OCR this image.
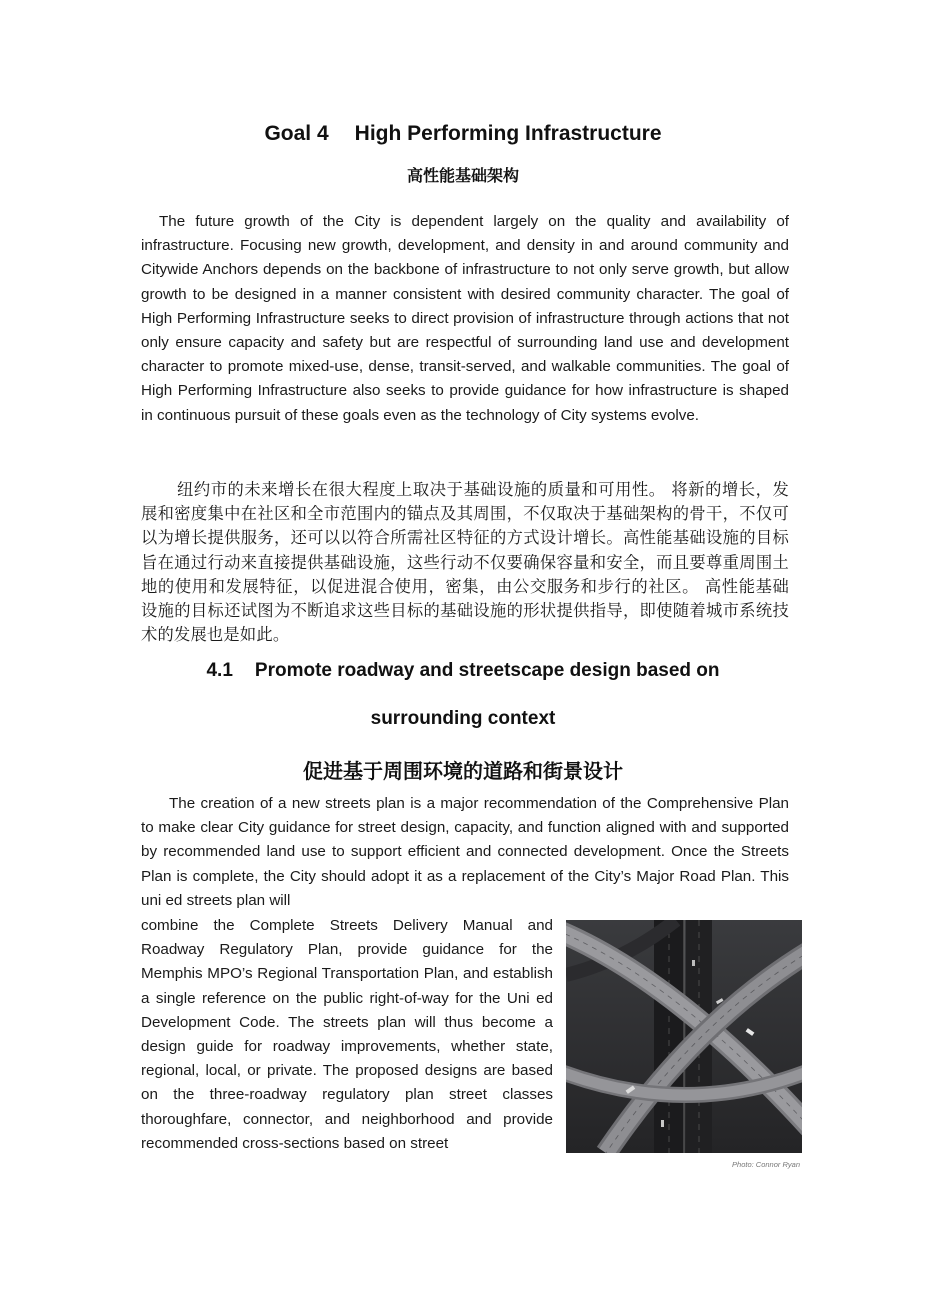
Goal 4 High Performing Infrastructure
高性能基础架构

The future growth of the City is dependent largely on the quality and availability of infrastructure. Focusing new growth, development, and density in and around community and Citywide Anchors depends on the backbone of infrastructure to not only serve growth, but allow growth to be designed in a manner consistent with desired community character. The goal of High Performing Infrastructure seeks to direct provision of infrastructure through actions that not only ensure capacity and safety but are respectful of surrounding land use and development character to promote mixed-use, dense, transit-served, and walkable communities. The goal of High Performing Infrastructure also seeks to provide guidance for how infrastructure is shaped in continuous pursuit of these goals even as the technology of City systems evolve.

纽约市的未来增长在很大程度上取决于基础设施的质量和可用性。 将新的增长，发展和密度集中在社区和全市范围内的锚点及其周围，不仅取决于基础架构的骨干，不仅可以为增长提供服务，还可以以符合所需社区特征的方式设计增长。高性能基础设施的目标旨在通过行动来直接提供基础设施，这些行动不仅要确保容量和安全，而且要尊重周围土地的使用和发展特征，以促进混合使用，密集，由公交服务和步行的社区。 高性能基础设施的目标还试图为不断追求这些目标的基础设施的形状提供指导，即使随着城市系统技术的发展也是如此。

4.1 Promote roadway and streetscape design based on
surrounding context
促进基于周围环境的道路和街景设计

The creation of a new streets plan is a major recommendation of the Comprehensive Plan to make clear City guidance for street design, capacity, and function aligned with and supported by recommended land use to support efficient and connected development. Once the Streets Plan is complete, the City should adopt it as a replacement of the City’s Major Road Plan. This uni ed streets plan will

combine the Complete Streets Delivery Manual and Roadway Regulatory Plan, provide guidance for the Memphis MPO’s Regional Transportation Plan, and establish a single reference on the public right-of-way for the Uni ed Development Code. The streets plan will thus become a design guide for roadway improvements, whether state, regional, local, or private. The proposed designs are based on the three-roadway regulatory plan street classes thoroughfare, connector, and neighborhood and provide recommended cross-sections based on street

Photo: Connor Ryan
